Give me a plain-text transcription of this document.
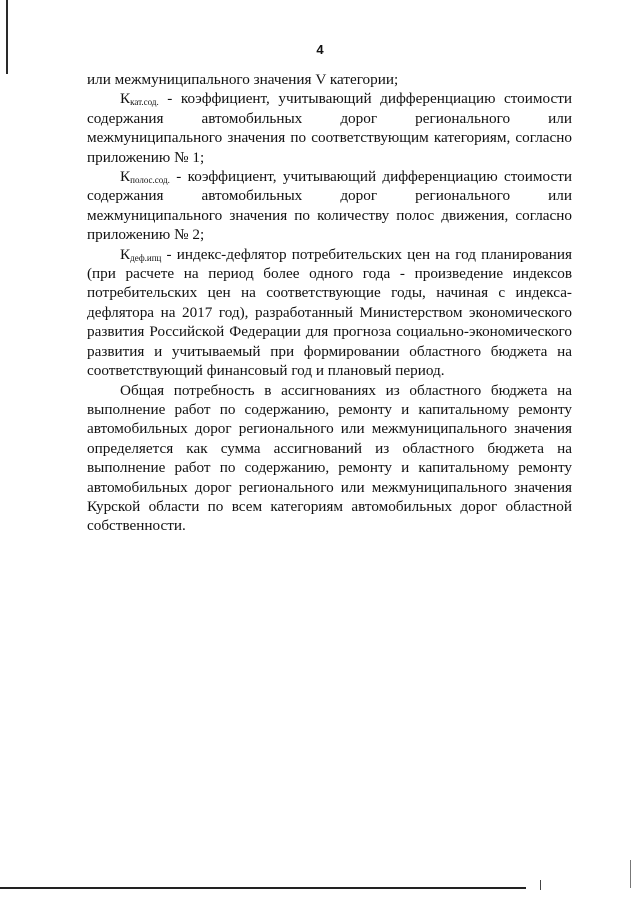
4

или межмуниципального значения V категории;

$К_{кат.сод.}$ - коэффициент, учитывающий дифференциацию стоимости содержания автомобильных дорог регионального или межмуниципального значения по соответствующим категориям, согласно приложению № 1;

$К_{полос.сод.}$ - коэффициент, учитывающий дифференциацию стоимости содержания автомобильных дорог регионального или межмуниципального значения по количеству полос движения, согласно приложению № 2;

$К_{деф.ипц}$ - индекс-дефлятор потребительских цен на год планирования (при расчете на период более одного года - произведение индексов потребительских цен на соответствующие годы, начиная с индекса-дефлятора на 2017 год), разработанный Министерством экономического развития Российской Федерации для прогноза социально-экономического развития и учитываемый при формировании областного бюджета на соответствующий финансовый год и плановый период.

Общая потребность в ассигнованиях из областного бюджета на выполнение работ по содержанию, ремонту и капитальному ремонту автомобильных дорог регионального или межмуниципального значения определяется как сумма ассигнований из областного бюджета на выполнение работ по содержанию, ремонту и капитальному ремонту автомобильных дорог регионального или межмуниципального значения Курской области по всем категориям автомобильных дорог областной собственности.
